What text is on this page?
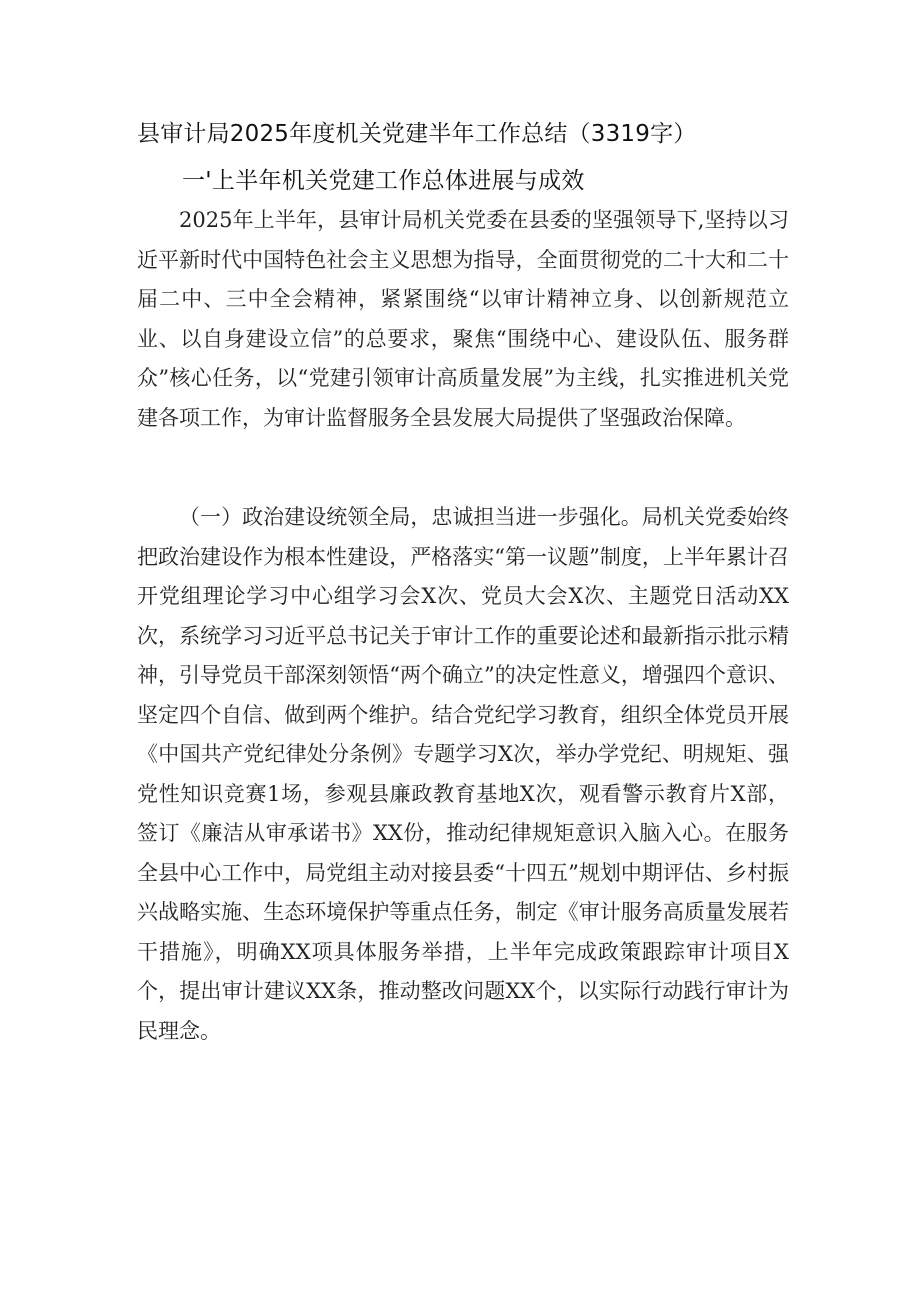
县审计局2025年度机关党建半年工作总结（3319字）
一'上半年机关党建工作总体进展与成效

2025年上半年，县审计局机关党委在县委的坚强领导下,坚持以习近平新时代中国特色社会主义思想为指导，全面贯彻党的二十大和二十届二中、三中全会精神，紧紧围绕“以审计精神立身、以创新规范立业、以自身建设立信”的总要求，聚焦“围绕中心、建设队伍、服务群众”核心任务，以“党建引领审计高质量发展”为主线，扎实推进机关党建各项工作，为审计监督服务全县发展大局提供了坚强政治保障。

（一）政治建设统领全局，忠诚担当进一步强化。局机关党委始终把政治建设作为根本性建设，严格落实“第一议题”制度，上半年累计召开党组理论学习中心组学习会X次、党员大会X次、主题党日活动XX次，系统学习习近平总书记关于审计工作的重要论述和最新指示批示精神，引导党员干部深刻领悟“两个确立”的决定性意义，增强四个意识、坚定四个自信、做到两个维护。结合党纪学习教育，组织全体党员开展《中国共产党纪律处分条例》专题学习X次，举办学党纪、明规矩、强党性知识竞赛1场，参观县廉政教育基地X次，观看警示教育片X部，签订《廉洁从审承诺书》XX份，推动纪律规矩意识入脑入心。在服务全县中心工作中，局党组主动对接县委“十四五”规划中期评估、乡村振兴战略实施、生态环境保护等重点任务，制定《审计服务高质量发展若干措施》，明确XX项具体服务举措，上半年完成政策跟踪审计项目X个，提出审计建议XX条，推动整改问题XX个，以实际行动践行审计为民理念。
